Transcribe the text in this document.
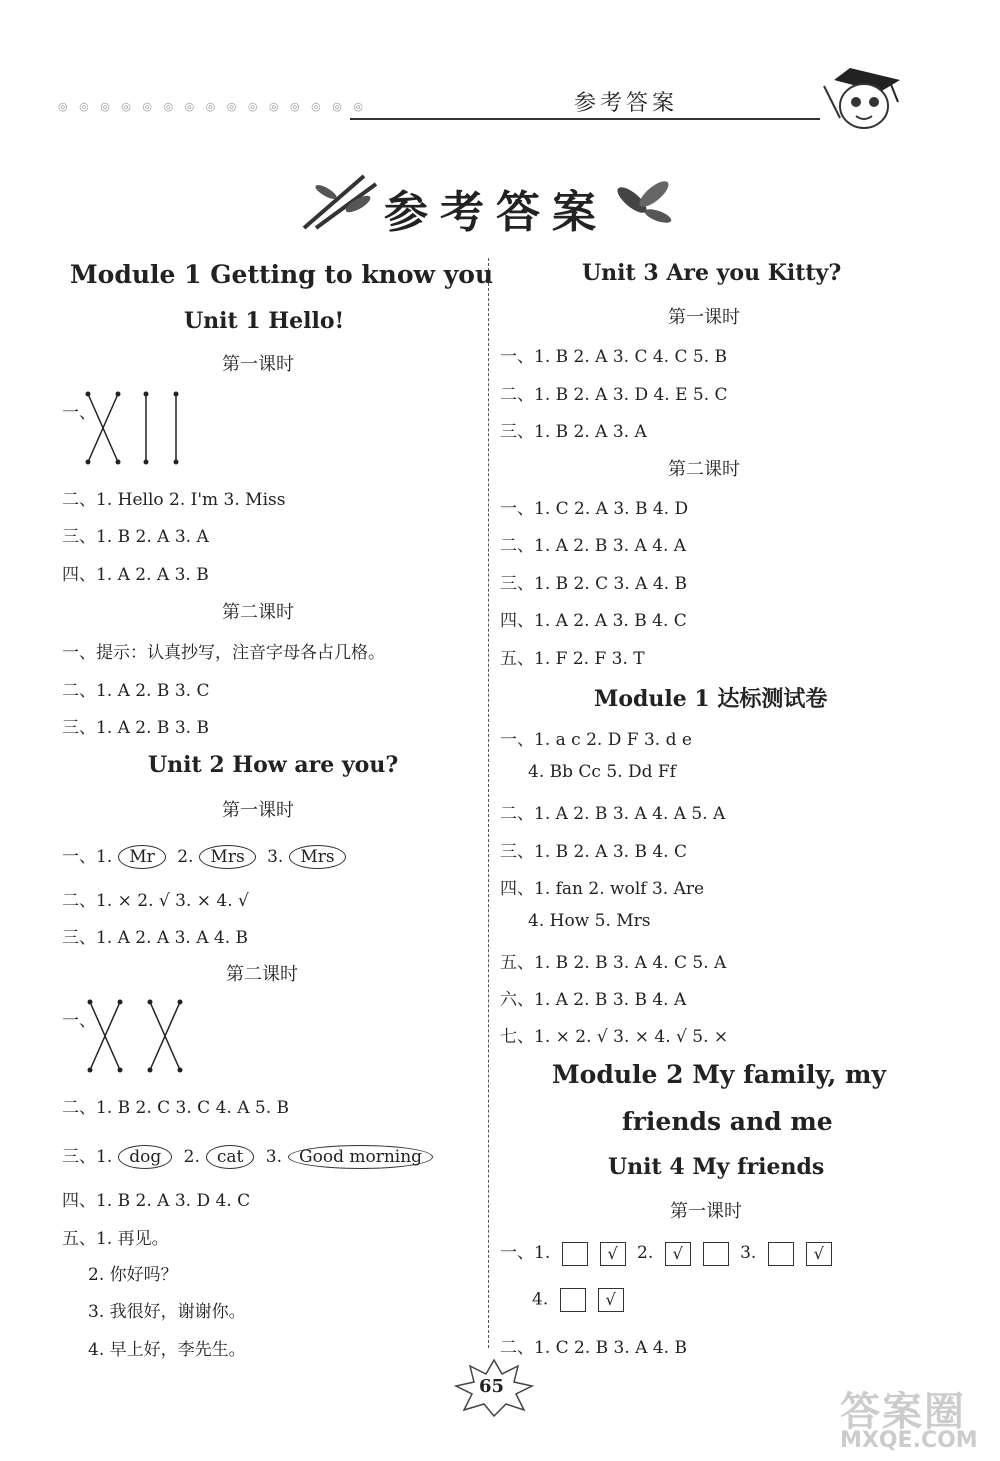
◎ ◎ ◎ ◎ ◎ ◎ ◎ ◎ ◎ ◎ ◎ ◎ ◎ ◎ ◎	参考答案
参考答案
Module 1 Getting to know you
Unit 1 Hello!
第一课时
一、
二、1. Hello 2. I'm 3. Miss
三、1. B 2. A 3. A
四、1. A 2. A 3. B
第二课时
一、提示：认真抄写，注音字母各占几格。
二、1. A 2. B 3. C
三、1. A 2. B 3. B
Unit 2 How are you?
第一课时
一、1. Mr 2. Mrs 3. Mrs
二、1. × 2. √ 3. × 4. √
三、1. A 2. A 3. A 4. B
第二课时
一、
二、1. B 2. C 3. C 4. A 5. B
三、1. dog 2. cat 3. Good morning
四、1. B 2. A 3. D 4. C
五、1. 再见。
2. 你好吗？
3. 我很好，谢谢你。
4. 早上好，李先生。
Unit 3 Are you Kitty?
第一课时
一、1. B 2. A 3. C 4. C 5. B
二、1. B 2. A 3. D 4. E 5. C
三、1. B 2. A 3. A
第二课时
一、1. C 2. A 3. B 4. D
二、1. A 2. B 3. A 4. A
三、1. B 2. C 3. A 4. B
四、1. A 2. A 3. B 4. C
五、1. F 2. F 3. T
Module 1 达标测试卷
一、1. a c 2. D F 3. d e
4. Bb Cc 5. Dd Ff
二、1. A 2. B 3. A 4. A 5. A
三、1. B 2. A 3. B 4. C
四、1. fan 2. wolf 3. Are
4. How 5. Mrs
五、1. B 2. B 3. A 4. C 5. A
六、1. A 2. B 3. B 4. A
七、1. × 2. √ 3. × 4. √ 5. ×
Module 2 My family, my
friends and me
Unit 4 My friends
第一课时
一、1.	√ 2. √	3.	√
4.	√
二、1. C 2. B 3. A 4. B
65
答案圈
MXQE.COM
